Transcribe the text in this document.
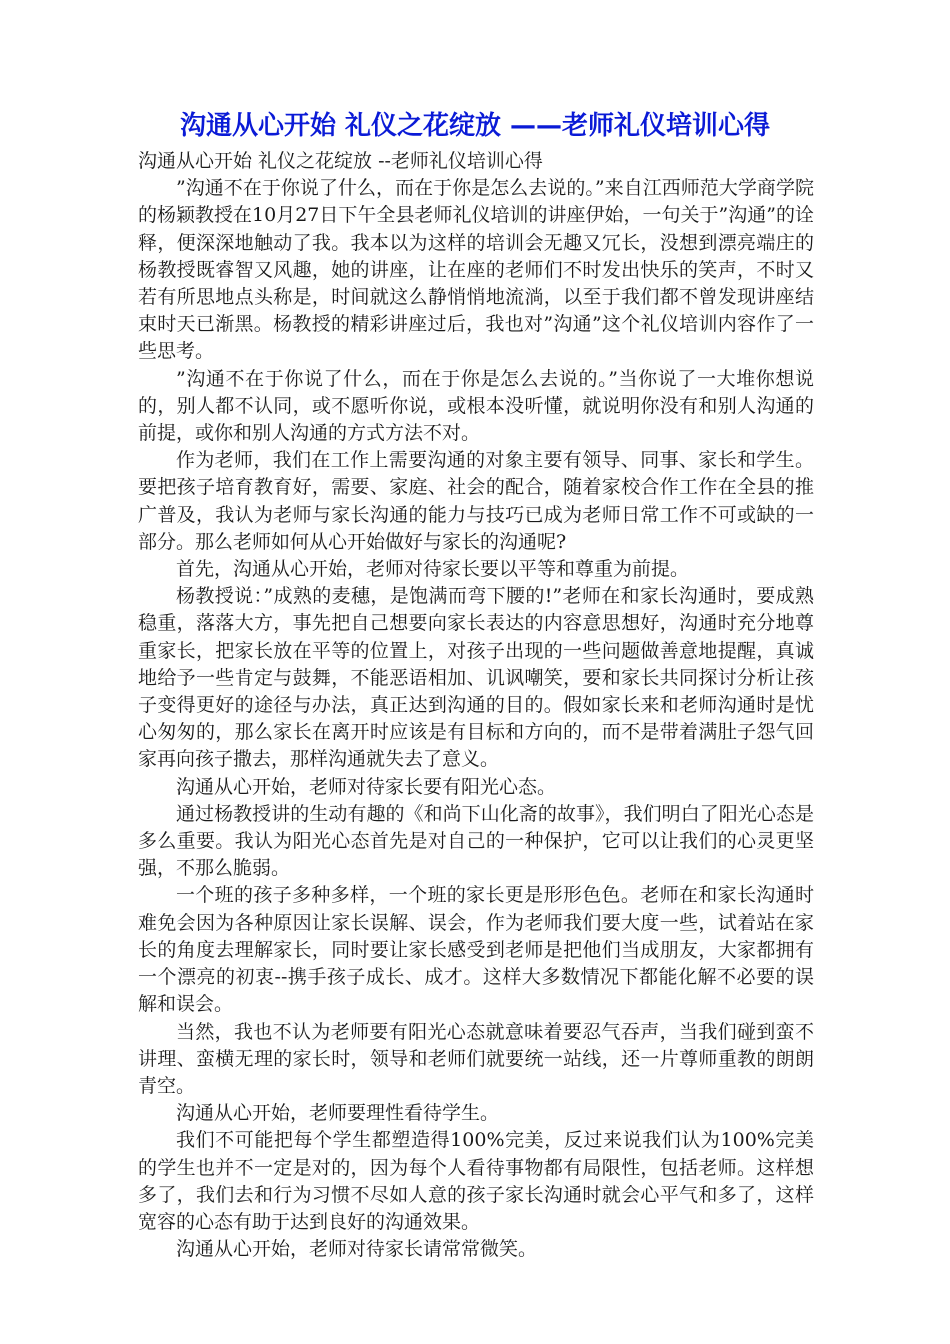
沟通从心开始 礼仪之花绽放 ——老师礼仪培训心得

沟通从心开始 礼仪之花绽放 --老师礼仪培训心得

”沟通不在于你说了什么，而在于你是怎么去说的。”来自江西师范大学商学院的杨颖教授在10月27日下午全县老师礼仪培训的讲座伊始，一句关于”沟通”的诠释，便深深地触动了我。我本以为这样的培训会无趣又冗长，没想到漂亮端庄的杨教授既睿智又风趣，她的讲座，让在座的老师们不时发出快乐的笑声，不时又若有所思地点头称是，时间就这么静悄悄地流淌，以至于我们都不曾发现讲座结束时天已渐黑。杨教授的精彩讲座过后，我也对”沟通”这个礼仪培训内容作了一些思考。

”沟通不在于你说了什么，而在于你是怎么去说的。”当你说了一大堆你想说的，别人都不认同，或不愿听你说，或根本没听懂，就说明你没有和别人沟通的前提，或你和别人沟通的方式方法不对。

作为老师，我们在工作上需要沟通的对象主要有领导、同事、家长和学生。要把孩子培育教育好，需要、家庭、社会的配合，随着家校合作工作在全县的推广普及，我认为老师与家长沟通的能力与技巧已成为老师日常工作不可或缺的一部分。那么老师如何从心开始做好与家长的沟通呢?

首先，沟通从心开始，老师对待家长要以平等和尊重为前提。

杨教授说：”成熟的麦穗，是饱满而弯下腰的!”老师在和家长沟通时，要成熟稳重，落落大方，事先把自己想要向家长表达的内容意思想好，沟通时充分地尊重家长，把家长放在平等的位置上，对孩子出现的一些问题做善意地提醒，真诚地给予一些肯定与鼓舞，不能恶语相加、讥讽嘲笑，要和家长共同探讨分析让孩子变得更好的途径与办法，真正达到沟通的目的。假如家长来和老师沟通时是忧心匆匆的，那么家长在离开时应该是有目标和方向的，而不是带着满肚子怨气回家再向孩子撒去，那样沟通就失去了意义。

沟通从心开始，老师对待家长要有阳光心态。

通过杨教授讲的生动有趣的《和尚下山化斋的故事》，我们明白了阳光心态是多么重要。我认为阳光心态首先是对自己的一种保护，它可以让我们的心灵更坚强，不那么脆弱。

一个班的孩子多种多样，一个班的家长更是形形色色。老师在和家长沟通时难免会因为各种原因让家长误解、误会，作为老师我们要大度一些，试着站在家长的角度去理解家长，同时要让家长感受到老师是把他们当成朋友，大家都拥有一个漂亮的初衷--携手孩子成长、成才。这样大多数情况下都能化解不必要的误解和误会。

当然，我也不认为老师要有阳光心态就意味着要忍气吞声，当我们碰到蛮不讲理、蛮横无理的家长时，领导和老师们就要统一站线，还一片尊师重教的朗朗青空。

沟通从心开始，老师要理性看待学生。

我们不可能把每个学生都塑造得100%完美，反过来说我们认为100%完美的学生也并不一定是对的，因为每个人看待事物都有局限性，包括老师。这样想多了，我们去和行为习惯不尽如人意的孩子家长沟通时就会心平气和多了，这样宽容的心态有助于达到良好的沟通效果。

沟通从心开始，老师对待家长请常常微笑。
